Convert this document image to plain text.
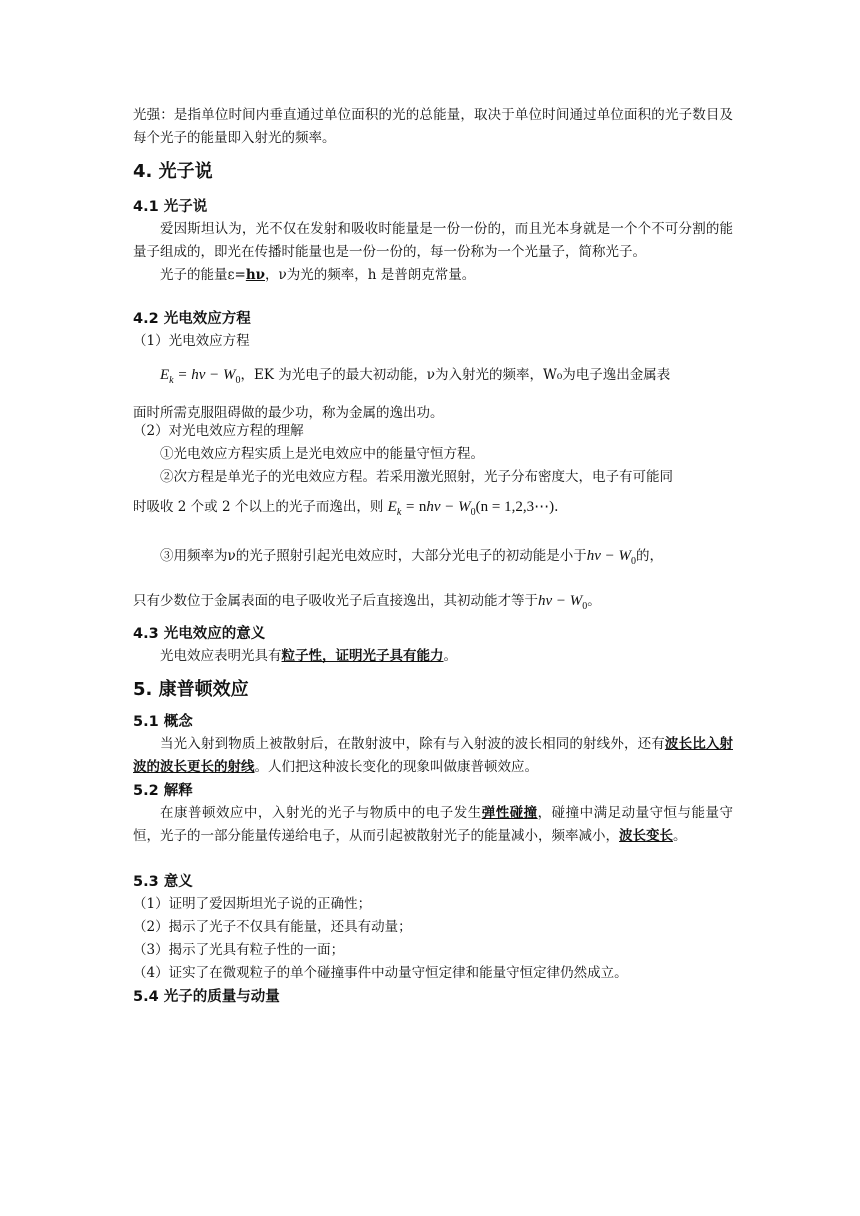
光强：是指单位时间内垂直通过单位面积的光的总能量，取决于单位时间通过单位面积的光子数目及每个光子的能量即入射光的频率。

4. 光子说
4.1 光子说

爱因斯坦认为，光不仅在发射和吸收时能量是一份一份的，而且光本身就是一个个不可分割的能量子组成的，即光在传播时能量也是一份一份的，每一份称为一个光量子，简称光子。

光子的能量ε=hν，ν为光的频率，h 是普朗克常量。

4.2 光电效应方程

（1）光电效应方程

$E_k = h\nu - W_0$，EK 为光电子的最大初动能，ν为入射光的频率，W₀为电子逸出金属表

面时所需克服阻碍做的最少功，称为金属的逸出功。

（2）对光电效应方程的理解

①光电效应方程实质上是光电效应中的能量守恒方程。

②次方程是单光子的光电效应方程。若采用激光照射，光子分布密度大，电子有可能同

时吸收 2 个或 2 个以上的光子而逸出，则 $E_k = nh\nu - W_0(n$ = 1,2,3⋯).

③用频率为ν的光子照射引起光电效应时，大部分光电子的初动能是小于$h\nu - W_0$的，

只有少数位于金属表面的电子吸收光子后直接逸出，其初动能才等于$h\nu - W_0$。

4.3 光电效应的意义

光电效应表明光具有粒子性，证明光子具有能力。

5. 康普顿效应
5.1 概念

当光入射到物质上被散射后，在散射波中，除有与入射波的波长相同的射线外，还有波长比入射波的波长更长的射线。人们把这种波长变化的现象叫做康普顿效应。

5.2 解释

在康普顿效应中，入射光的光子与物质中的电子发生弹性碰撞，碰撞中满足动量守恒与能量守恒，光子的一部分能量传递给电子，从而引起被散射光子的能量减小，频率减小，波长变长。

5.3 意义

（1）证明了爱因斯坦光子说的正确性；

（2）揭示了光子不仅具有能量，还具有动量；

（3）揭示了光具有粒子性的一面；

（4）证实了在微观粒子的单个碰撞事件中动量守恒定律和能量守恒定律仍然成立。

5.4 光子的质量与动量
